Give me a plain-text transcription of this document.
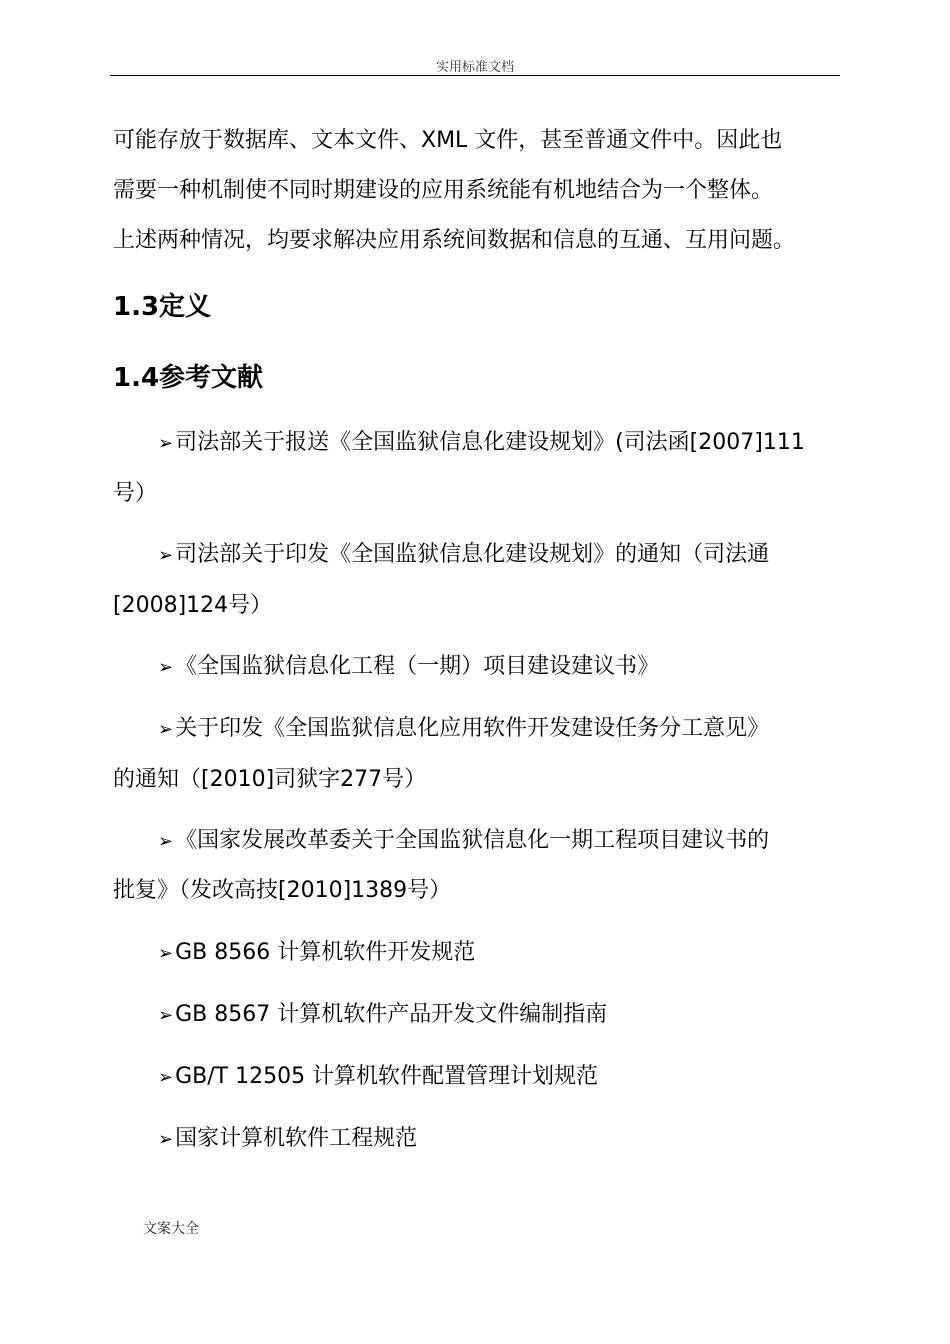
实用标准文档
可能存放于数据库、文本文件、XML 文件，甚至普通文件中。因此也
需要一种机制使不同时期建设的应用系统能有机地结合为一个整体。
上述两种情况，均要求解决应用系统间数据和信息的互通、互用问题。
1.3定义
1.4参考文献
➢司法部关于报送《全国监狱信息化建设规划》(司法函[2007]111
号）
➢司法部关于印发《全国监狱信息化建设规划》的通知（司法通
[2008]124号）
➢《全国监狱信息化工程（一期）项目建设建议书》
➢关于印发《全国监狱信息化应用软件开发建设任务分工意见》
的通知（[2010]司狱字277号）
➢《国家发展改革委关于全国监狱信息化一期工程项目建议书的
批复》（发改高技[2010]1389号）
➢GB 8566 计算机软件开发规范
➢GB 8567 计算机软件产品开发文件编制指南
➢GB/T 12505 计算机软件配置管理计划规范
➢国家计算机软件工程规范
文案大全
